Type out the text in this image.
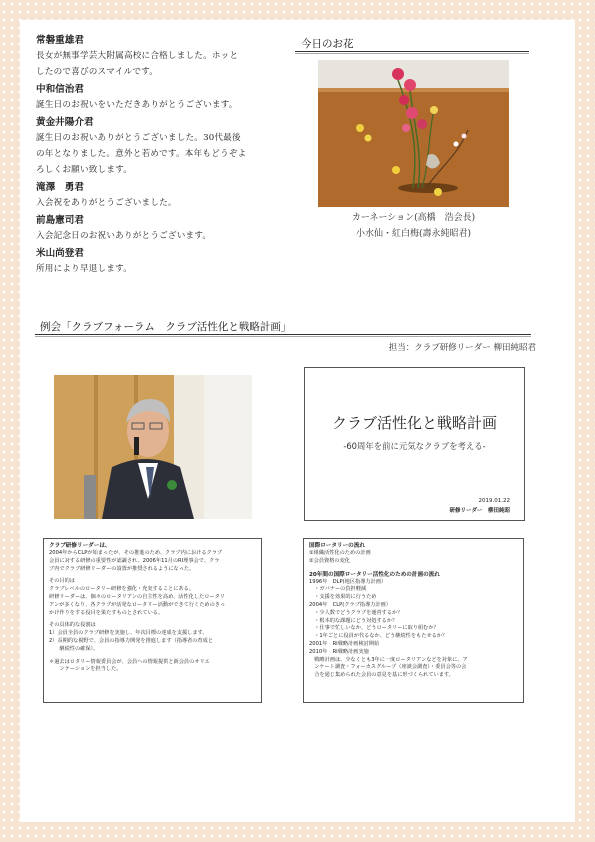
常磐重雄君

長女が無事学芸大附属高校に合格しました。ホッと
したので喜びのスマイルです。

中和信治君

誕生日のお祝いをいただきありがとうございます。

黄金井陽介君

誕生日のお祝いありがとうございました。30代最後
の年となりました。意外と若めです。本年もどうぞよ
ろしくお願い致します。

滝澤　勇君

入会祝をありがとうございました。

前島憲司君

入会記念日のお祝いありがとうございます。

米山尚登君

所用により早退します。

今日のお花
カーネーション(高橋　浩会長)
小水仙・紅白梅(壽永純昭君)
例会「クラブフォーラム　クラブ活性化と戦略計画」
担当：クラブ研修リーダー 柳田純昭君
クラブ活性化と戦略計画
-60周年を前に元気なクラブを考える-
2019.01.22
研修リーダー　柳田純昭

クラブ研修リーダーは、

2004年からCLPが始まったが、その推進のため、クラブ内におけるクラブ

会員に対する研修の重要性が認識され、2006年11月のRI理事会で、クラ

ブ内でクラブ研修リーダーの設置が推奨されるようになった。

その目的は

クラブレベルのロータリー研修を強化・充実することにある。

研修リーダーは、個々のロータリアンの自主性を高め、活性化したロータリ

アンが多くなり、各クラブが活発なロータリー活動ができて行くためのきっ

かけ作りをする役目を果たすものとされている。

その具体的な役割は

1）会員全員のクラブ研修を実施し、年次目標の達成を支援します。

2）長期的な視野で、会員の指導力開発を推進します（指導者の育成と

　　継続性の確保）。

＊過去はロタリー情報委員会が、会員への情報提供と新会員のオリエ

　　ンテーションを担当した。

国際ロータリーの流れ

①組織活性化のための計画

②会員資格の変化

20年間の国際ロータリー活性化のための計画の流れ

1996年　DLP(地区指導力計画）

　・ガバナーの負担軽減

　・支援を効果的に行うため

2004年　CLP(クラブ指導力計画）

　・少人数でどうクラブを運営するか？

　・根本的な課題にどう対処するか？

　・仕事で忙しいなか、どうロータリーに取り組むか？

　・1年ごとに役員が代るなか、どう継続性をもたせるか？

2001年　RI戦略計画検討開始

2010年　RI戦略計画実施

　戦略計画は、少なくとも3年に一度ロータリアンなどを対象に、ア

　ンケート調査・フォーカスグループ（座談会調査）・委員会等の会

　合を通じ集められた会員の意見を基に形づくられています。
